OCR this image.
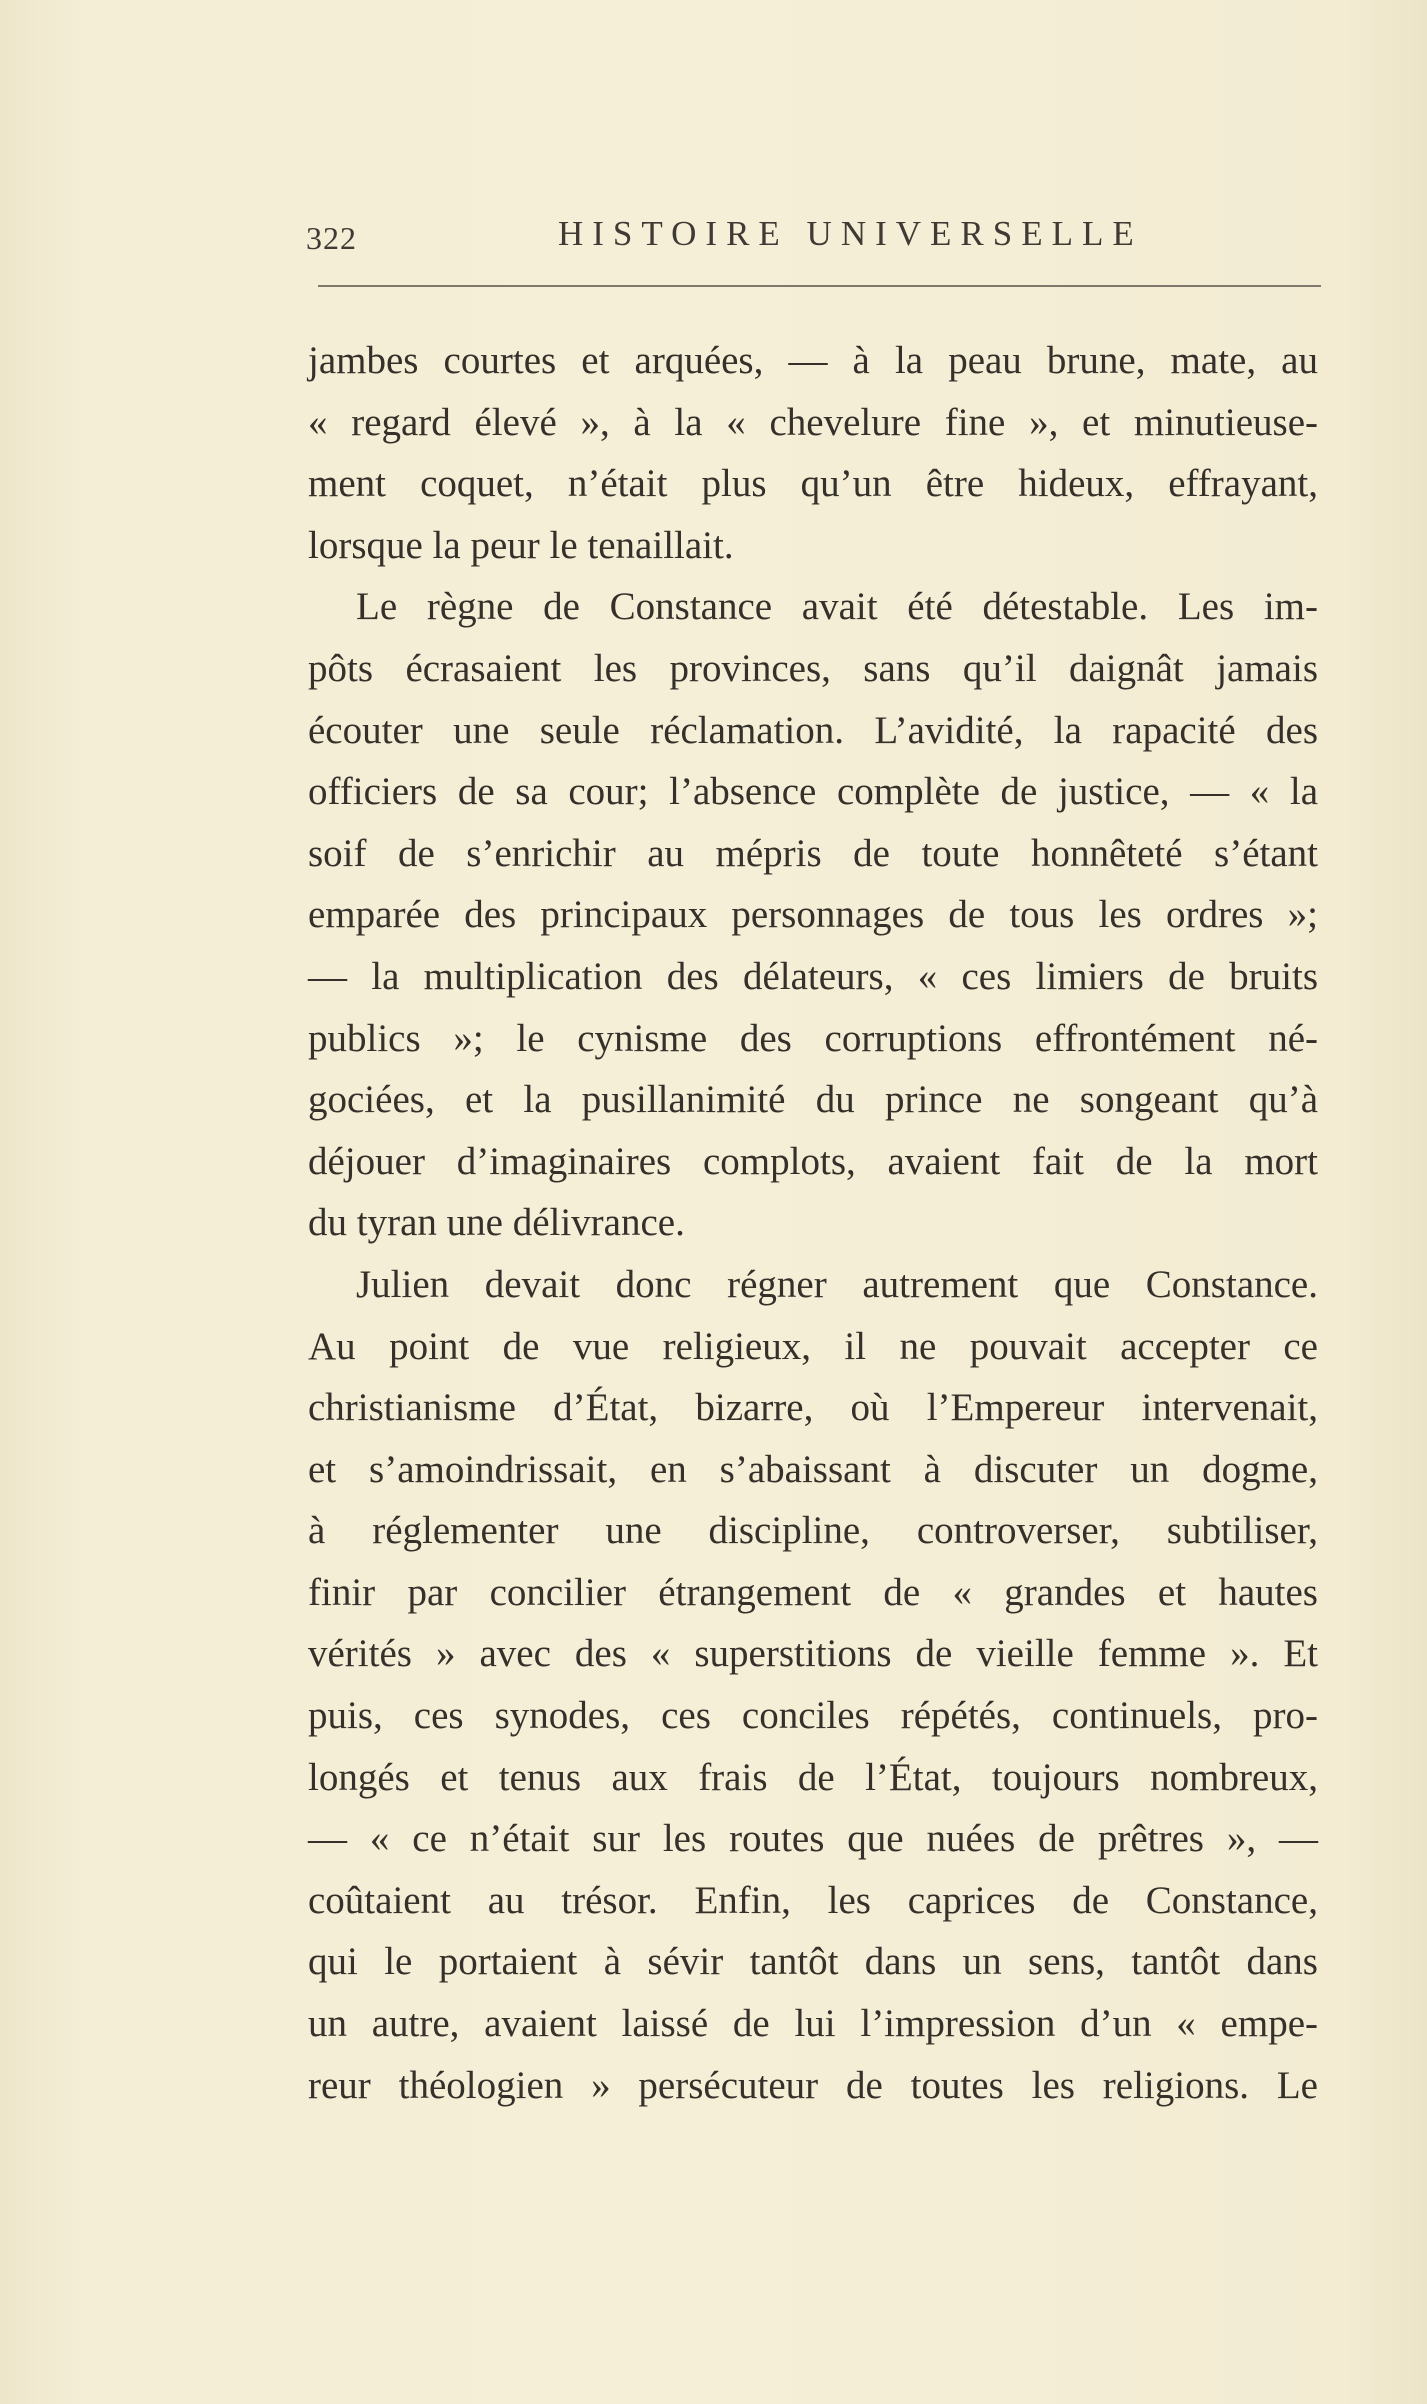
322	HISTOIRE UNIVERSELLE
jambes courtes et arquées, — à la peau brune, mate, au
« regard élevé », à la « chevelure fine », et minutieuse-
ment coquet, n’était plus qu’un être hideux, effrayant,
lorsque la peur le tenaillait.
Le règne de Constance avait été détestable. Les im-
pôts écrasaient les provinces, sans qu’il daignât jamais
écouter une seule réclamation. L’avidité, la rapacité des
officiers de sa cour; l’absence complète de justice, — « la
soif de s’enrichir au mépris de toute honnêteté s’étant
emparée des principaux personnages de tous les ordres »;
— la multiplication des délateurs, « ces limiers de bruits
publics »; le cynisme des corruptions effrontément né-
gociées, et la pusillanimité du prince ne songeant qu’à
déjouer d’imaginaires complots, avaient fait de la mort
du tyran une délivrance.
Julien devait donc régner autrement que Constance.
Au point de vue religieux, il ne pouvait accepter ce
christianisme d’État, bizarre, où l’Empereur intervenait,
et s’amoindrissait, en s’abaissant à discuter un dogme,
à réglementer une discipline, controverser, subtiliser,
finir par concilier étrangement de « grandes et hautes
vérités » avec des « superstitions de vieille femme ». Et
puis, ces synodes, ces conciles répétés, continuels, pro-
longés et tenus aux frais de l’État, toujours nombreux,
— « ce n’était sur les routes que nuées de prêtres », —
coûtaient au trésor. Enfin, les caprices de Constance,
qui le portaient à sévir tantôt dans un sens, tantôt dans
un autre, avaient laissé de lui l’impression d’un « empe-
reur théologien » persécuteur de toutes les religions. Le
